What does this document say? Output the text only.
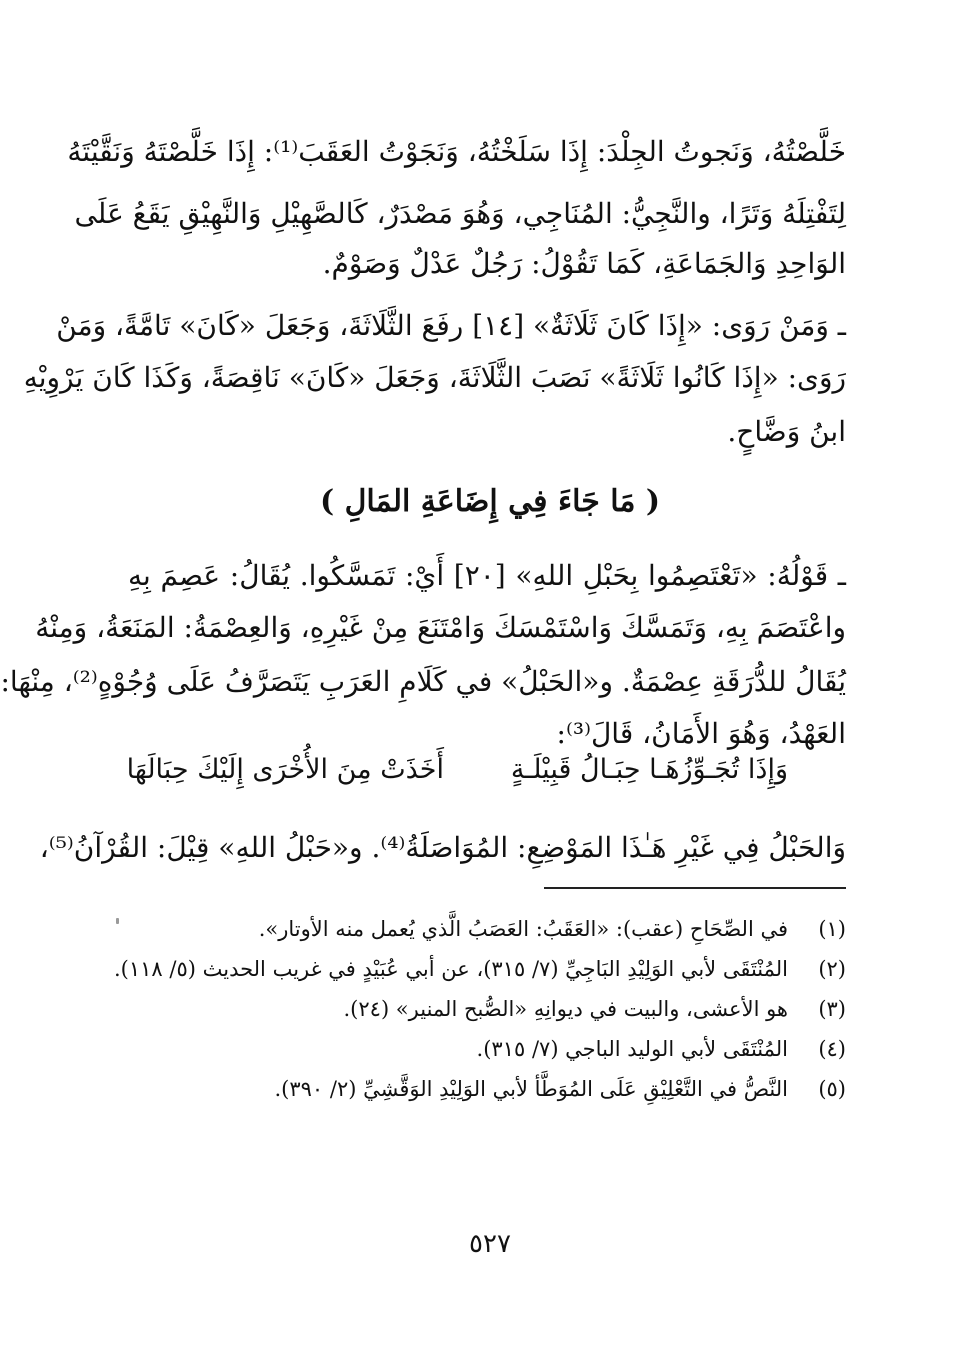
خَلَّصْتُهُ، وَنَجوتُ الجِلْدَ: إِذَا سَلَخْتُهُ، وَنَجَوْتُ العَقَبَ⁽¹⁾: إِذَا خَلَّصْتَهُ وَنَقَّيْتَهُ
لِتَفْتِلَهُ وَتَرًا، والنَّجِيُّ: المُنَاجِي، وَهُوَ مَصْدَرٌ، كَالصَّهِيْلِ وَالنَّهِيْقِ يَقَعُ عَلَى
الوَاحِدِ وَالجَمَاعَةِ، كَمَا تَقُوْلُ: رَجُلٌ عَدْلٌ وَصَوْمٌ.
ـ وَمَنْ رَوَى: «إِذَا كَانَ ثَلَاثَةٌ» [١٤] رفَعَ الثَّلَاثَةَ، وَجَعَلَ «كَانَ» تَامَّةً، وَمَنْ
رَوَى: «إِذَا كَانُوا ثَلَاثَةً» نَصَبَ الثَّلَاثَةَ، وَجَعَلَ «كَانَ» نَاقِصَةً، وَكَذَا كَانَ يَرْوِيْهِ
ابنُ وَضَّاحٍ.
( مَا جَاءَ فِي إِضَاعَةِ المَالِ )
ـ قَوْلُهُ: «تَعْتَصِمُوا بِحَبْلِ اللهِ» [٢٠] أَيْ: تَمَسَّكُوا. يُقَالُ: عَصِمَ بِهِ
واعْتَصَمَ بِهِ، وَتَمَسَّكَ وَاسْتَمْسَكَ وَامْتَنَعَ مِنْ غَيْرِهِ، وَالعِصْمَةُ: المَنَعَةُ، وَمِنْهُ
يُقَالُ للدُّرَقَةِ عِصْمَةٌ. و«الحَبْلُ» في كَلَامِ العَرَبِ يَتَصَرَّفُ عَلَى وُجُوْهٍ⁽²⁾، مِنْهَا:
العَهْدُ، وَهُوَ الأَمَانُ، قَالَ⁽³⁾:
وَإِذَا تُجَـوِّزُهَـا حِبَـالُ قَبِيْلَـةٍ
أَخَذَتْ مِنَ الأُخْرَى إِلَيْكَ حِبَالَهَا
وَالحَبْلُ فِي غَيْرِ هَـٰذَا المَوْضِعِ: المُوَاصَلَةُ⁽⁴⁾. و«حَبْلُ اللهِ» قِيْلَ: القُرْآنُ⁽⁵⁾،
(١)في الصِّحَاحِ (عقب): «العَقَبُ: العَصَبُ الَّذي يُعمل منه الأوتار».
(٢)المُنْتَقَى لأبي الوَلِيْدِ البَاجِيِّ (٧/ ٣١٥)، عن أبي عُبَيْدٍ في غريب الحديث (٥/ ١١٨).
(٣)هو الأعشى، والبيت في ديوانِهِ «الصُّبح المنير» (٢٤).
(٤)المُنْتَقَى لأبي الوليد الباجي (٧/ ٣١٥).
(٥)النَّصُّ في التَّعْلِيْقِ عَلَى المُوَطَّأ لأبي الوَلِيْدِ الوَقَّشِيِّ (٢/ ٣٩٠).
٥٢٧
